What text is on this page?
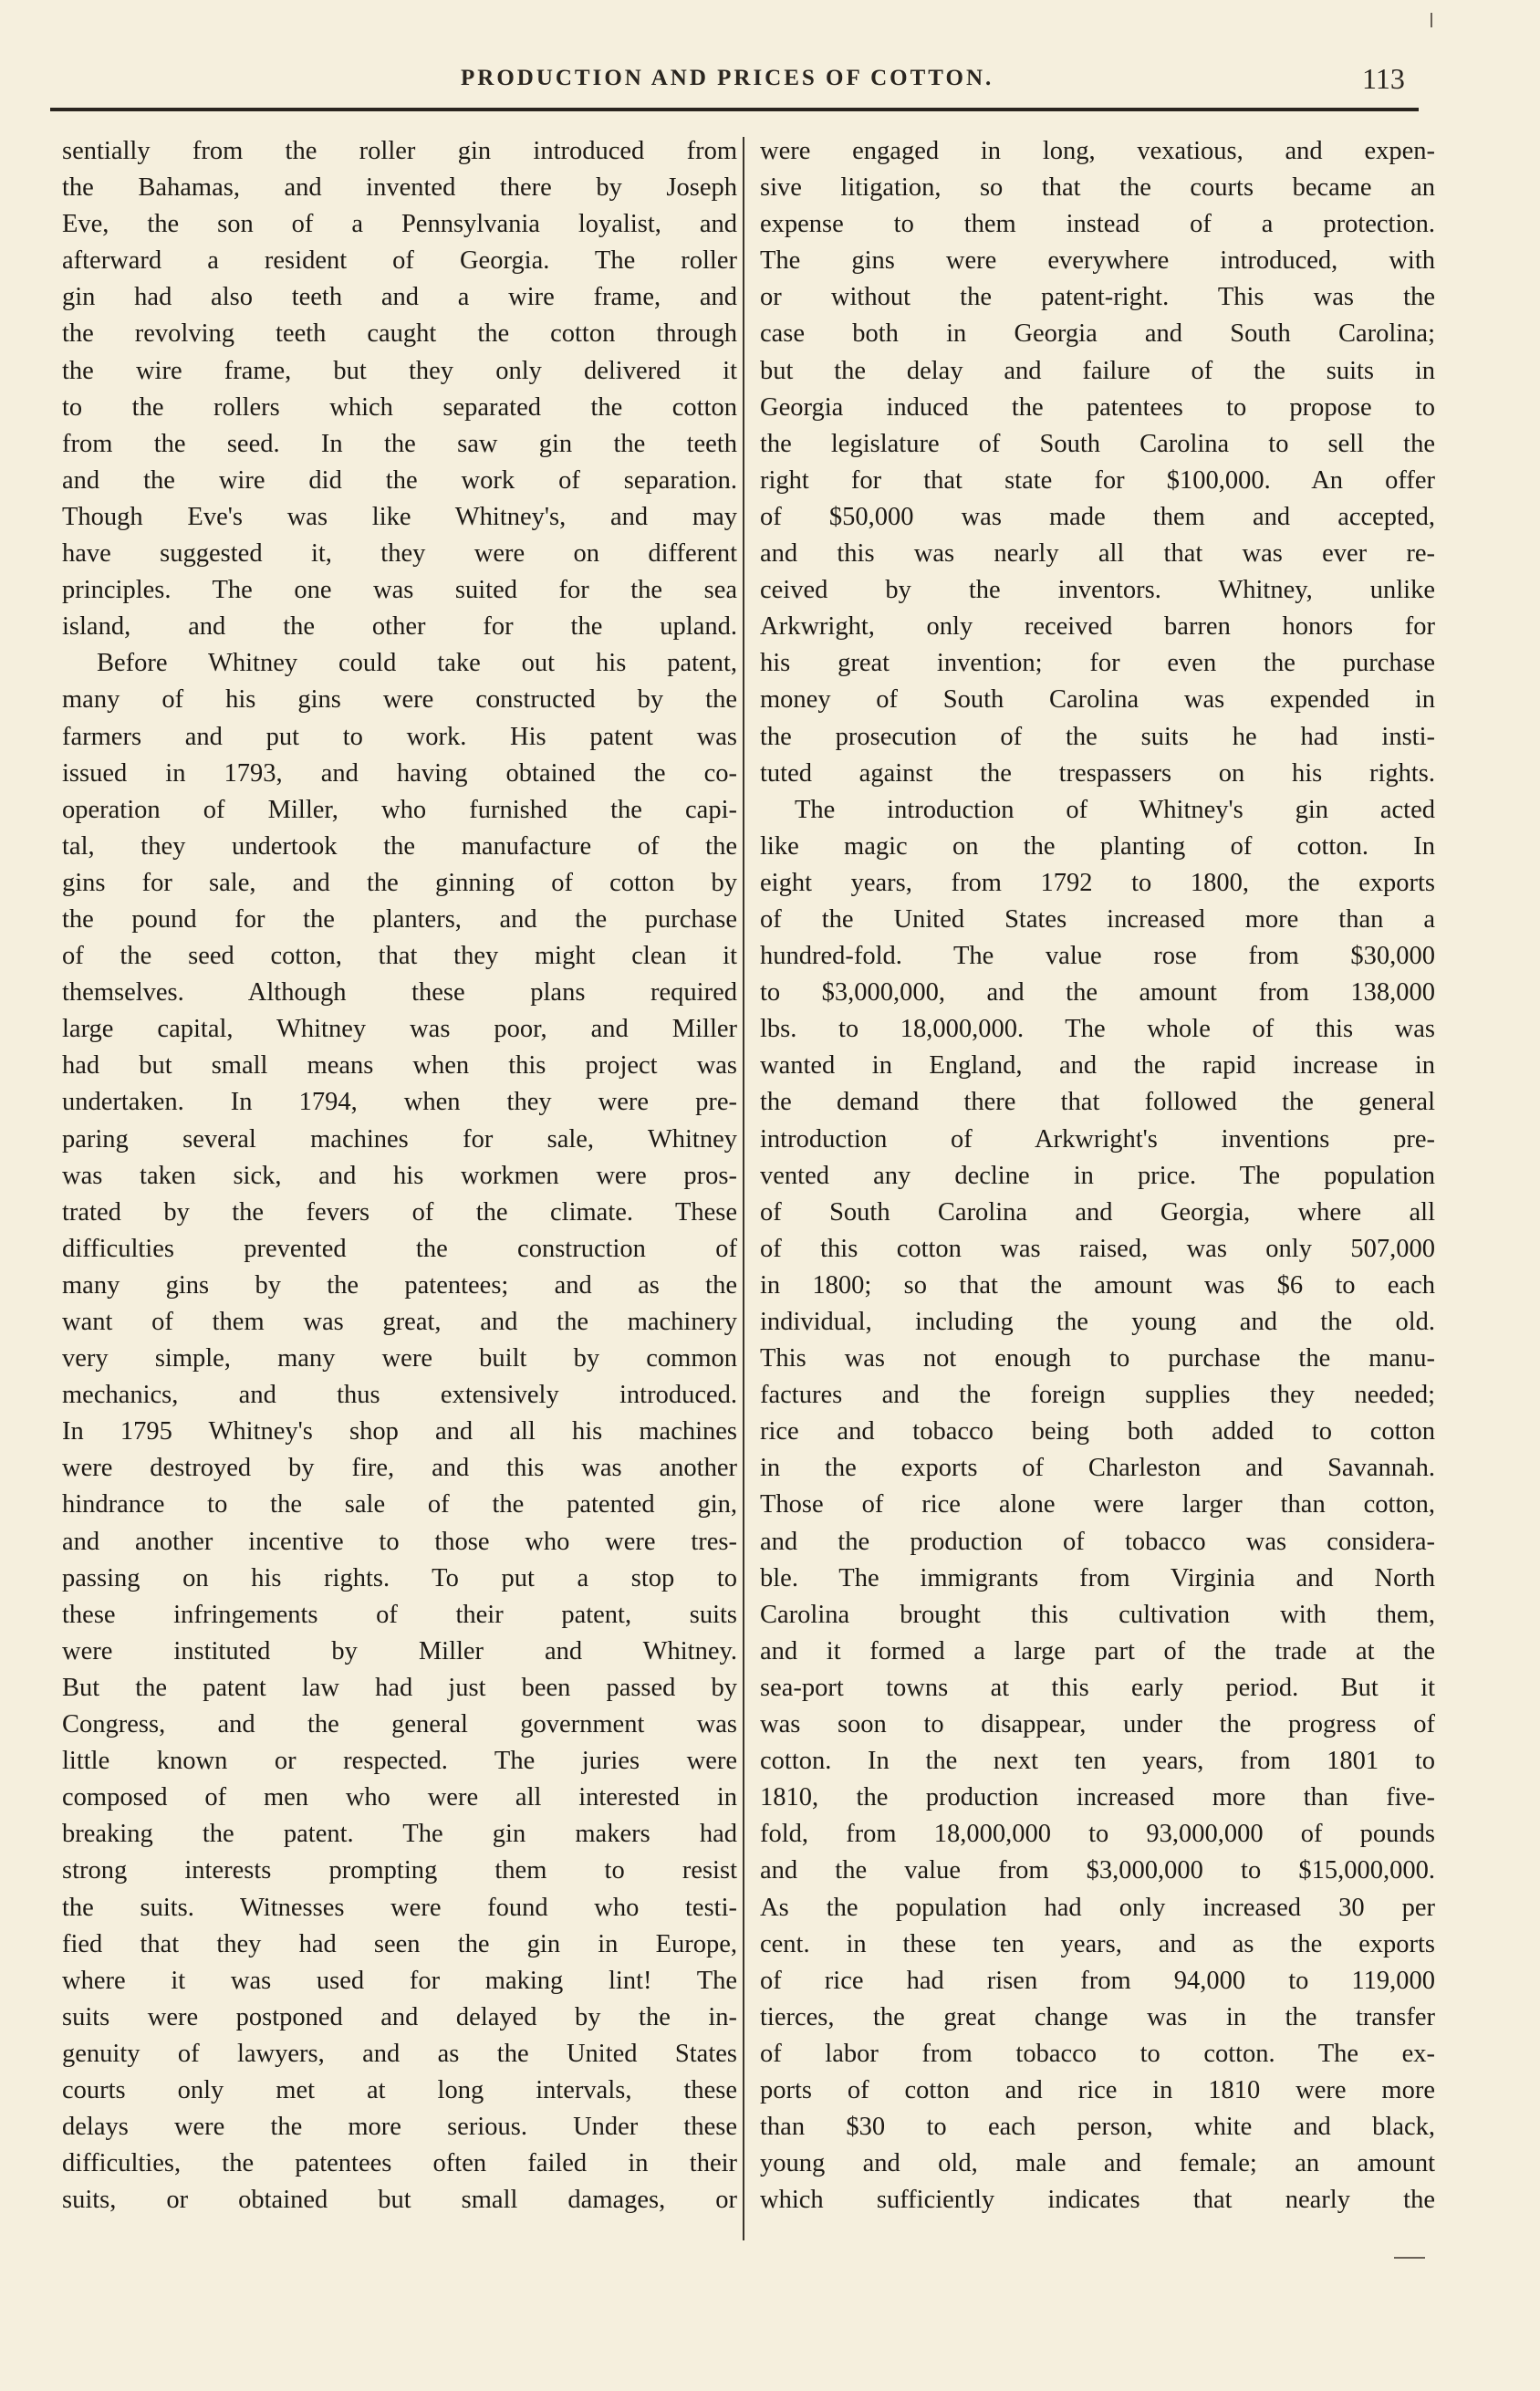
PRODUCTION AND PRICES OF COTTON.	113
sentially from the roller gin introduced from
the Bahamas, and invented there by Joseph
Eve, the son of a Pennsylvania loyalist, and
afterward a resident of Georgia. The roller
gin had also teeth and a wire frame, and
the revolving teeth caught the cotton through
the wire frame, but they only delivered it
to the rollers which separated the cotton
from the seed. In the saw gin the teeth
and the wire did the work of separation.
Though Eve's was like Whitney's, and may
have suggested it, they were on different
principles. The one was suited for the sea
island, and the other for the upland.
Before Whitney could take out his patent,
many of his gins were constructed by the
farmers and put to work. His patent was
issued in 1793, and having obtained the co-
operation of Miller, who furnished the capi-
tal, they undertook the manufacture of the
gins for sale, and the ginning of cotton by
the pound for the planters, and the purchase
of the seed cotton, that they might clean it
themselves. Although these plans required
large capital, Whitney was poor, and Miller
had but small means when this project was
undertaken. In 1794, when they were pre-
paring several machines for sale, Whitney
was taken sick, and his workmen were pros-
trated by the fevers of the climate. These
difficulties prevented the construction of
many gins by the patentees; and as the
want of them was great, and the machinery
very simple, many were built by common
mechanics, and thus extensively introduced.
In 1795 Whitney's shop and all his machines
were destroyed by fire, and this was another
hindrance to the sale of the patented gin,
and another incentive to those who were tres-
passing on his rights. To put a stop to
these infringements of their patent, suits
were instituted by Miller and Whitney.
But the patent law had just been passed by
Congress, and the general government was
little known or respected. The juries were
composed of men who were all interested in
breaking the patent. The gin makers had
strong interests prompting them to resist
the suits. Witnesses were found who testi-
fied that they had seen the gin in Europe,
where it was used for making lint! The
suits were postponed and delayed by the in-
genuity of lawyers, and as the United States
courts only met at long intervals, these
delays were the more serious. Under these
difficulties, the patentees often failed in their
suits, or obtained but small damages, or
were engaged in long, vexatious, and expen-
sive litigation, so that the courts became an
expense to them instead of a protection.
The gins were everywhere introduced, with
or without the patent-right. This was the
case both in Georgia and South Carolina;
but the delay and failure of the suits in
Georgia induced the patentees to propose to
the legislature of South Carolina to sell the
right for that state for $100,000. An offer
of $50,000 was made them and accepted,
and this was nearly all that was ever re-
ceived by the inventors. Whitney, unlike
Arkwright, only received barren honors for
his great invention; for even the purchase
money of South Carolina was expended in
the prosecution of the suits he had insti-
tuted against the trespassers on his rights.
The introduction of Whitney's gin acted
like magic on the planting of cotton. In
eight years, from 1792 to 1800, the exports
of the United States increased more than a
hundred-fold. The value rose from $30,000
to $3,000,000, and the amount from 138,000
lbs. to 18,000,000. The whole of this was
wanted in England, and the rapid increase in
the demand there that followed the general
introduction of Arkwright's inventions pre-
vented any decline in price. The population
of South Carolina and Georgia, where all
of this cotton was raised, was only 507,000
in 1800; so that the amount was $6 to each
individual, including the young and the old.
This was not enough to purchase the manu-
factures and the foreign supplies they needed;
rice and tobacco being both added to cotton
in the exports of Charleston and Savannah.
Those of rice alone were larger than cotton,
and the production of tobacco was considera-
ble. The immigrants from Virginia and North
Carolina brought this cultivation with them,
and it formed a large part of the trade at the
sea-port towns at this early period. But it
was soon to disappear, under the progress of
cotton. In the next ten years, from 1801 to
1810, the production increased more than five-
fold, from 18,000,000 to 93,000,000 of pounds
and the value from $3,000,000 to $15,000,000.
As the population had only increased 30 per
cent. in these ten years, and as the exports
of rice had risen from 94,000 to 119,000
tierces, the great change was in the transfer
of labor from tobacco to cotton. The ex-
ports of cotton and rice in 1810 were more
than $30 to each person, white and black,
young and old, male and female; an amount
which sufficiently indicates that nearly the
